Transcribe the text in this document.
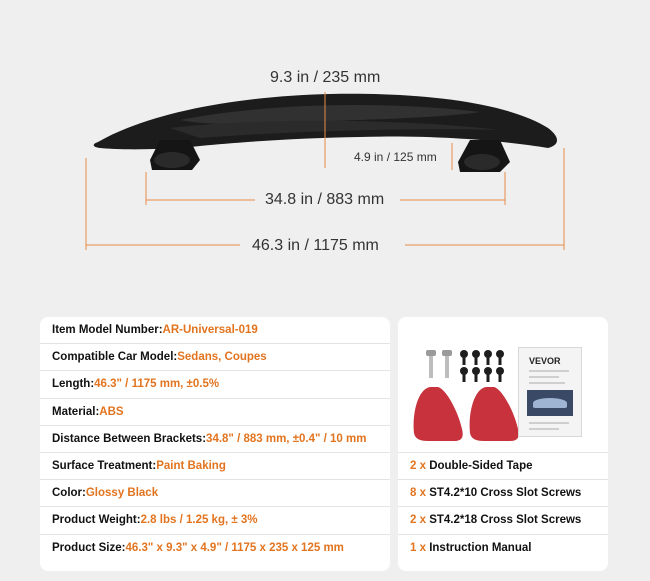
9.3 in / 235 mm
4.9 in / 125 mm
34.8 in / 883 mm
46.3 in / 1175 mm
Item Model Number: AR-Universal-019
Compatible Car Model: Sedans, Coupes
Length: 46.3" / 1175 mm, ±0.5%
Material: ABS
Distance Between Brackets: 34.8" / 883 mm, ±0.4" / 10 mm
Surface Treatment: Paint Baking
Color: Glossy Black
Product Weight: 2.8 lbs / 1.25 kg, ± 3%
Product Size: 46.3" x 9.3" x 4.9" / 1175 x 235 x 125 mm
VEVOR
2 x
Double-Sided Tape
8 x
ST4.2*10 Cross Slot Screws
2 x
ST4.2*18 Cross Slot Screws
1 x
Instruction Manual
